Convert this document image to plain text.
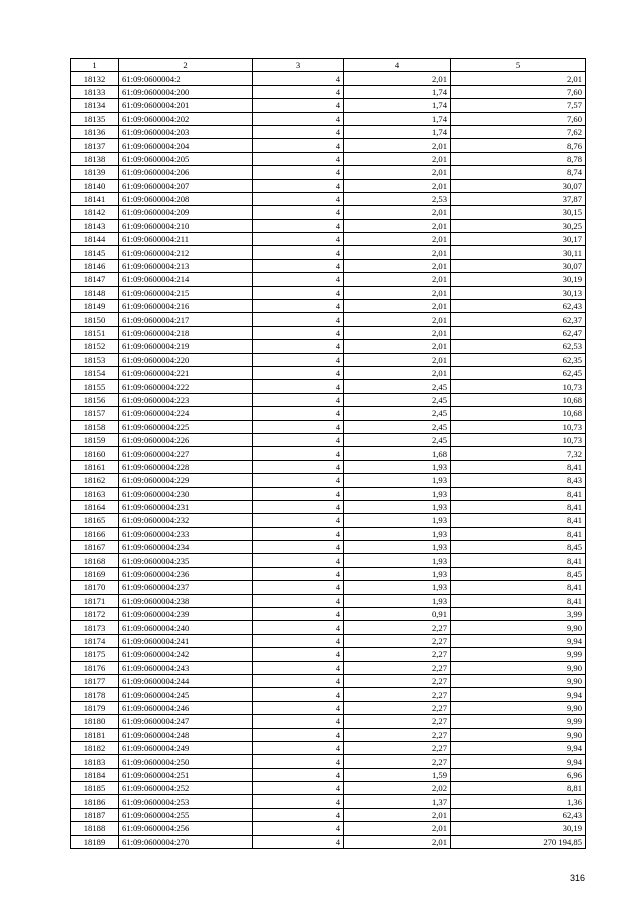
1	2	3	4	5
18132	61:09:0600004:2	4	2,01	2,01
18133	61:09:0600004:200	4	1,74	7,60
18134	61:09:0600004:201	4	1,74	7,57
18135	61:09:0600004:202	4	1,74	7,60
18136	61:09:0600004:203	4	1,74	7,62
18137	61:09:0600004:204	4	2,01	8,76
18138	61:09:0600004:205	4	2,01	8,78
18139	61:09:0600004:206	4	2,01	8,74
18140	61:09:0600004:207	4	2,01	30,07
18141	61:09:0600004:208	4	2,53	37,87
18142	61:09:0600004:209	4	2,01	30,15
18143	61:09:0600004:210	4	2,01	30,25
18144	61:09:0600004:211	4	2,01	30,17
18145	61:09:0600004:212	4	2,01	30,11
18146	61:09:0600004:213	4	2,01	30,07
18147	61:09:0600004:214	4	2,01	30,19
18148	61:09:0600004:215	4	2,01	30,13
18149	61:09:0600004:216	4	2,01	62,43
18150	61:09:0600004:217	4	2,01	62,37
18151	61:09:0600004:218	4	2,01	62,47
18152	61:09:0600004:219	4	2,01	62,53
18153	61:09:0600004:220	4	2,01	62,35
18154	61:09:0600004:221	4	2,01	62,45
18155	61:09:0600004:222	4	2,45	10,73
18156	61:09:0600004:223	4	2,45	10,68
18157	61:09:0600004:224	4	2,45	10,68
18158	61:09:0600004:225	4	2,45	10,73
18159	61:09:0600004:226	4	2,45	10,73
18160	61:09:0600004:227	4	1,68	7,32
18161	61:09:0600004:228	4	1,93	8,41
18162	61:09:0600004:229	4	1,93	8,43
18163	61:09:0600004:230	4	1,93	8,41
18164	61:09:0600004:231	4	1,93	8,41
18165	61:09:0600004:232	4	1,93	8,41
18166	61:09:0600004:233	4	1,93	8,41
18167	61:09:0600004:234	4	1,93	8,45
18168	61:09:0600004:235	4	1,93	8,41
18169	61:09:0600004:236	4	1,93	8,45
18170	61:09:0600004:237	4	1,93	8,41
18171	61:09:0600004:238	4	1,93	8,41
18172	61:09:0600004:239	4	0,91	3,99
18173	61:09:0600004:240	4	2,27	9,90
18174	61:09:0600004:241	4	2,27	9,94
18175	61:09:0600004:242	4	2,27	9,99
18176	61:09:0600004:243	4	2,27	9,90
18177	61:09:0600004:244	4	2,27	9,90
18178	61:09:0600004:245	4	2,27	9,94
18179	61:09:0600004:246	4	2,27	9,90
18180	61:09:0600004:247	4	2,27	9,99
18181	61:09:0600004:248	4	2,27	9,90
18182	61:09:0600004:249	4	2,27	9,94
18183	61:09:0600004:250	4	2,27	9,94
18184	61:09:0600004:251	4	1,59	6,96
18185	61:09:0600004:252	4	2,02	8,81
18186	61:09:0600004:253	4	1,37	1,36
18187	61:09:0600004:255	4	2,01	62,43
18188	61:09:0600004:256	4	2,01	30,19
18189	61:09:0600004:270	4	2,01	270 194,85
316
